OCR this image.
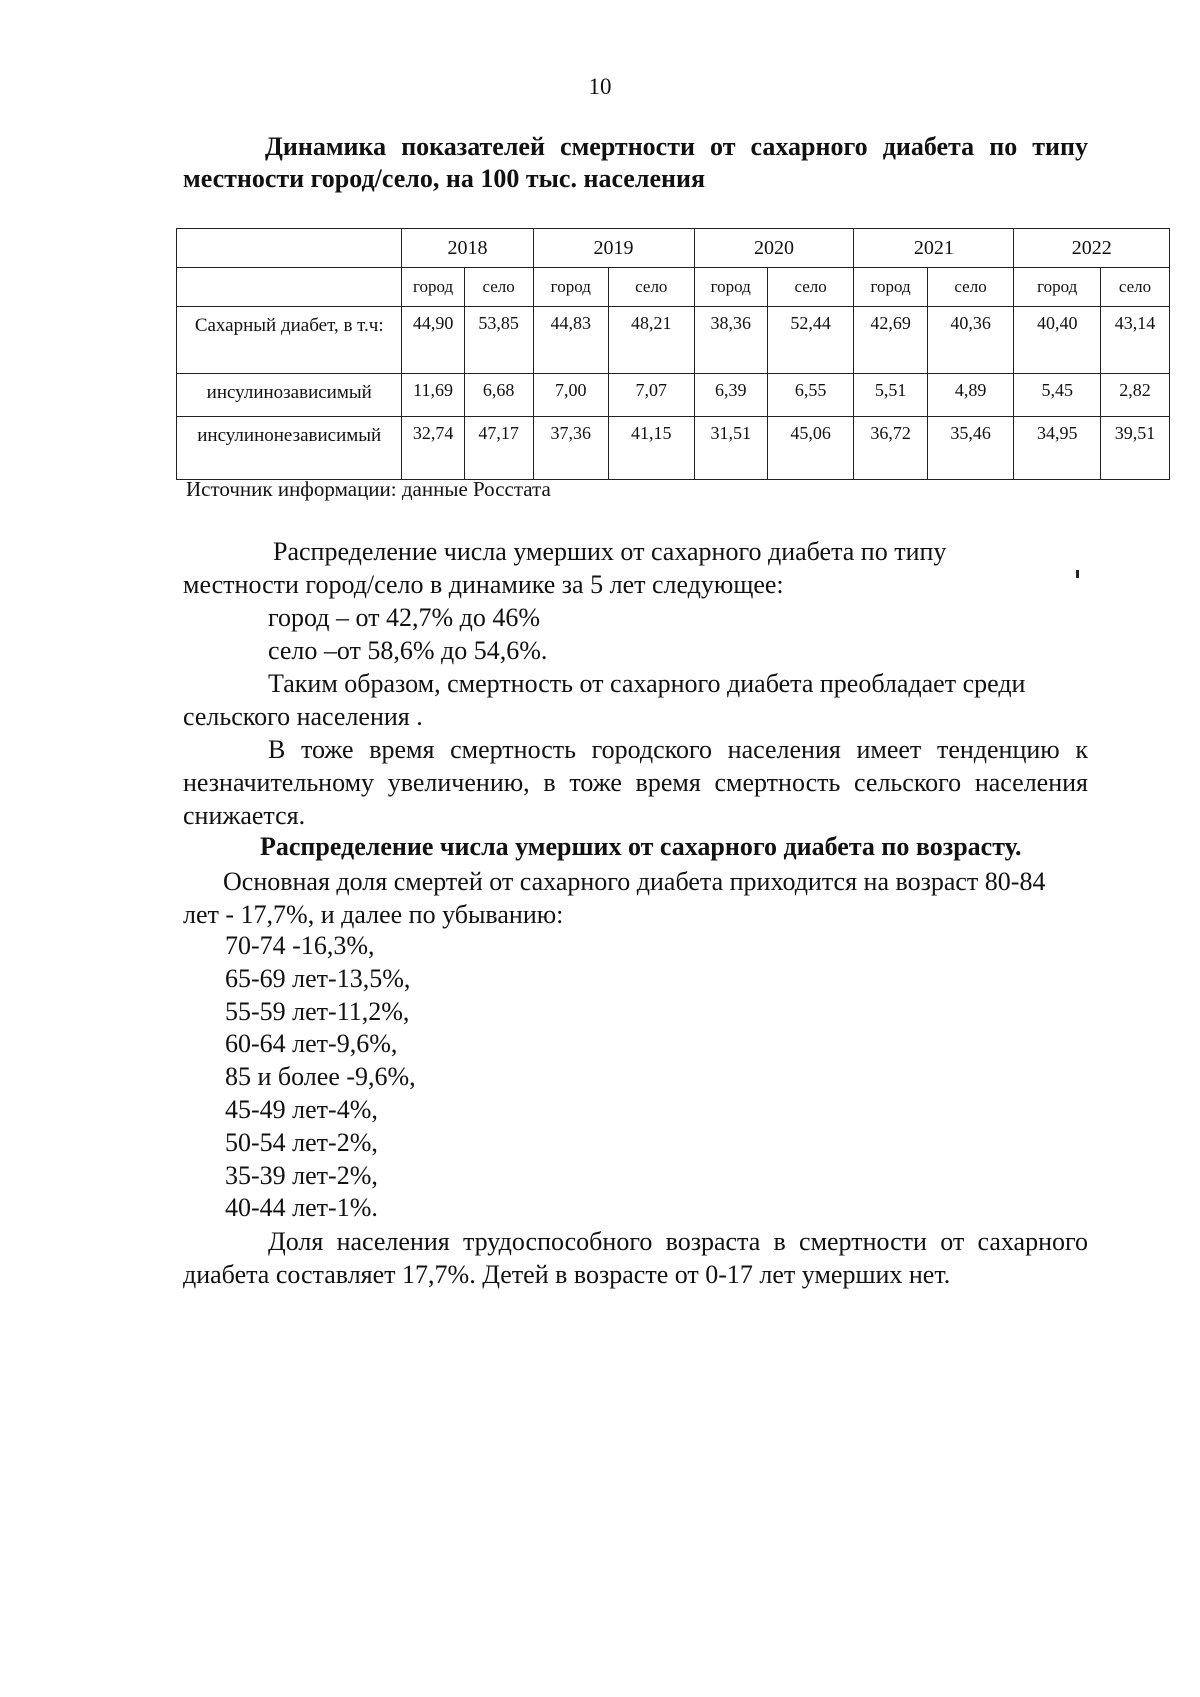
10
Динамика показателей смертности от сахарного диабета по типу
местности город/село, на 100 тыс. населения
	2018		2019		2020		2021		2022	
	город	село	город	село	город	село	город	село	город	село
Сахарный диабет, в т.ч:	44,90	53,85	44,83	48,21	38,36	52,44	42,69	40,36	40,40	43,14
инсулинозависимый	11,69	6,68	7,00	7,07	6,39	6,55	5,51	4,89	5,45	2,82
инсулинонезависимый	32,74	47,17	37,36	41,15	31,51	45,06	36,72	35,46	34,95	39,51
Источник информации: данные Росстата
Распределение числа умерших от сахарного диабета по типу
местности город/село в динамике за 5 лет следующее:
город – от 42,7% до 46%
село –от 58,6% до 54,6%.
Таким образом, смертность от сахарного диабета преобладает среди сельского населения .
В тоже время смертность городского населения имеет тенденцию к незначительному увеличению, в тоже время смертность сельского населения снижается.
Распределение числа умерших от сахарного диабета по возрасту.
Основная доля смертей от сахарного диабета приходится на возраст 80-84
лет - 17,7%, и далее по убыванию:
70-74 -16,3%,
65-69 лет-13,5%,
55-59 лет-11,2%,
60-64 лет-9,6%,
85 и более -9,6%,
45-49 лет-4%,
50-54 лет-2%,
35-39 лет-2%,
40-44 лет-1%.
Доля населения трудоспособного возраста в смертности от сахарного диабета составляет 17,7%. Детей в возрасте от 0-17 лет умерших нет.
